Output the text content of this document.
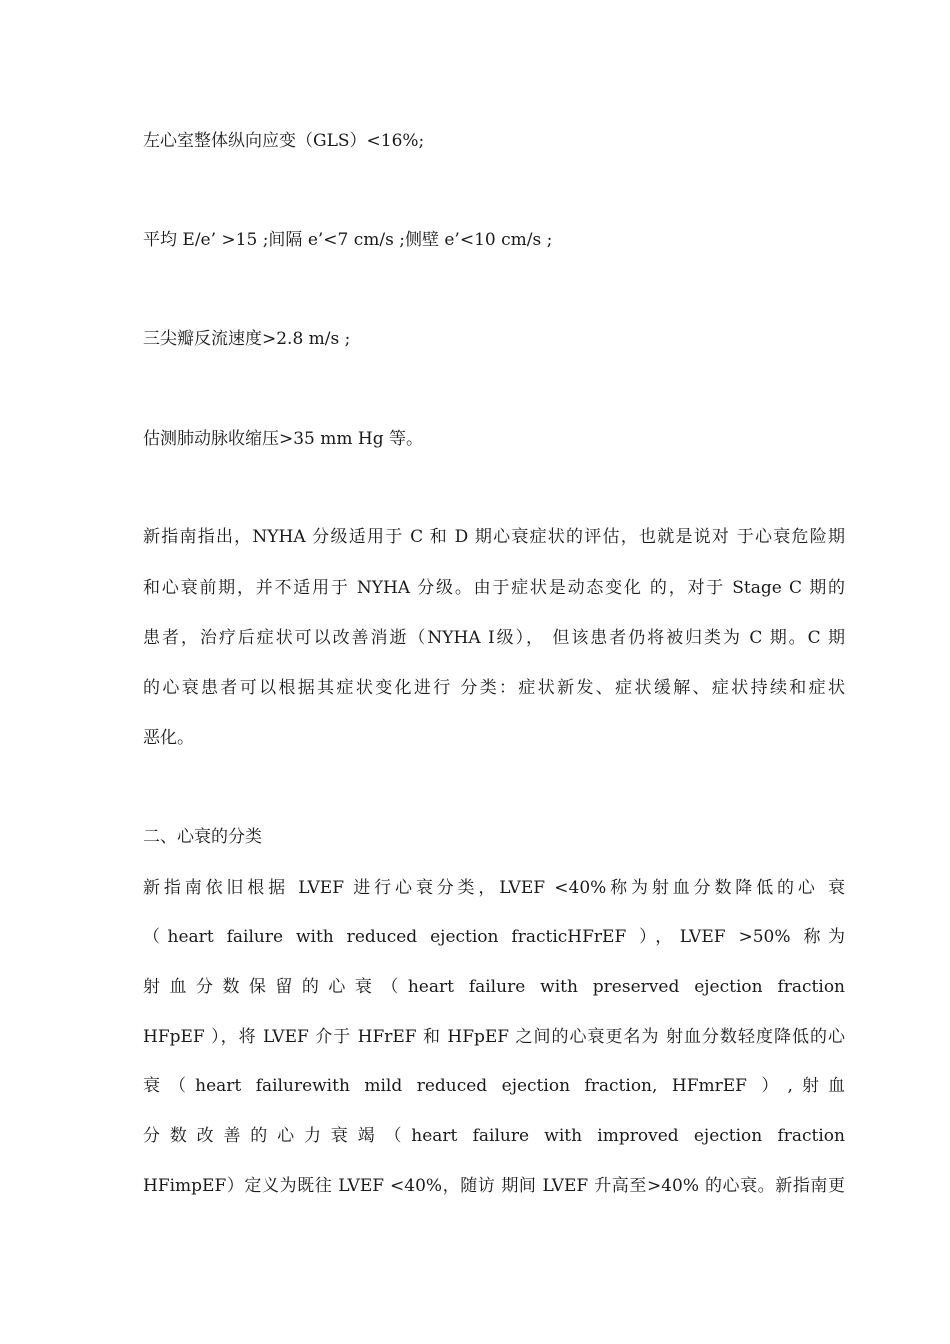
左心室整体纵向应变（GLS）<16%;
平均 E/e’ >15 ;间隔 e’<7 cm/s ;侧壁 e’<10 cm/s ;
三尖瓣反流速度>2.8 m/s ;
估测肺动脉收缩压>35 mm Hg 等。
新指南指出，NYHA 分级适用于 C 和 D 期心衰症状的评估，也就是说对 于心衰危险期
和心衰前期，并不适用于 NYHA 分级。由于症状是动态变化 的，对于 Stage C 期的
患者，治疗后症状可以改善消逝（NYHA Ⅰ级）， 但该患者仍将被归类为 C 期。C 期
的心衰患者可以根据其症状变化进行 分类：症状新发、症状缓解、症状持续和症状
恶化。
二、心衰的分类
新指南依旧根据 LVEF 进行心衰分类，LVEF <40%称为射血分数降低的心 衰
（heart failure with reduced ejection fracticHFrEF ），LVEF >50% 称为
射血分数保留的心衰（heart failure with preserved ejection fraction
HFpEF ），将 LVEF 介于 HFrEF 和 HFpEF 之间的心衰更名为 射血分数轻度降低的心
衰（heart failurewith mild reduced ejection fraction, HFmrEF ）,射血
分数改善的心力衰竭（heart failure with improved ejection fraction
HFimpEF）定义为既往 LVEF <40%，随访 期间 LVEF 升高至>40% 的心衰。新指南更
